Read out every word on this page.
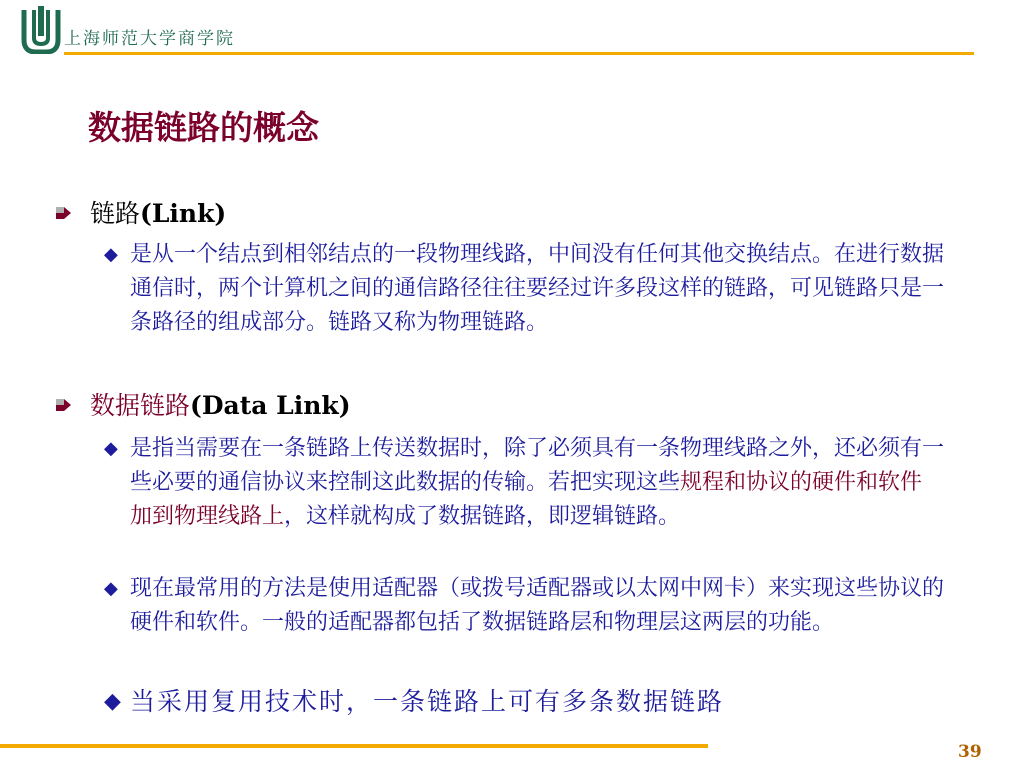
上海师范大学商学院
数据链路的概念
链路(Link)
◆ 是从一个结点到相邻结点的一段物理线路，中间没有任何其他交换结点。在进行数据通信时，两个计算机之间的通信路径往往要经过许多段这样的链路，可见链路只是一条路径的组成部分。链路又称为物理链路。
数据链路(Data Link)
◆ 是指当需要在一条链路上传送数据时，除了必须具有一条物理线路之外，还必须有一些必要的通信协议来控制这此数据的传输。若把实现这些规程和协议的硬件和软件加到物理线路上，这样就构成了数据链路，即逻辑链路。
◆ 现在最常用的方法是使用适配器（或拨号适配器或以太网中网卡）来实现这些协议的硬件和软件。一般的适配器都包括了数据链路层和物理层这两层的功能。
◆ 当采用复用技术时，一条链路上可有多条数据链路
39
